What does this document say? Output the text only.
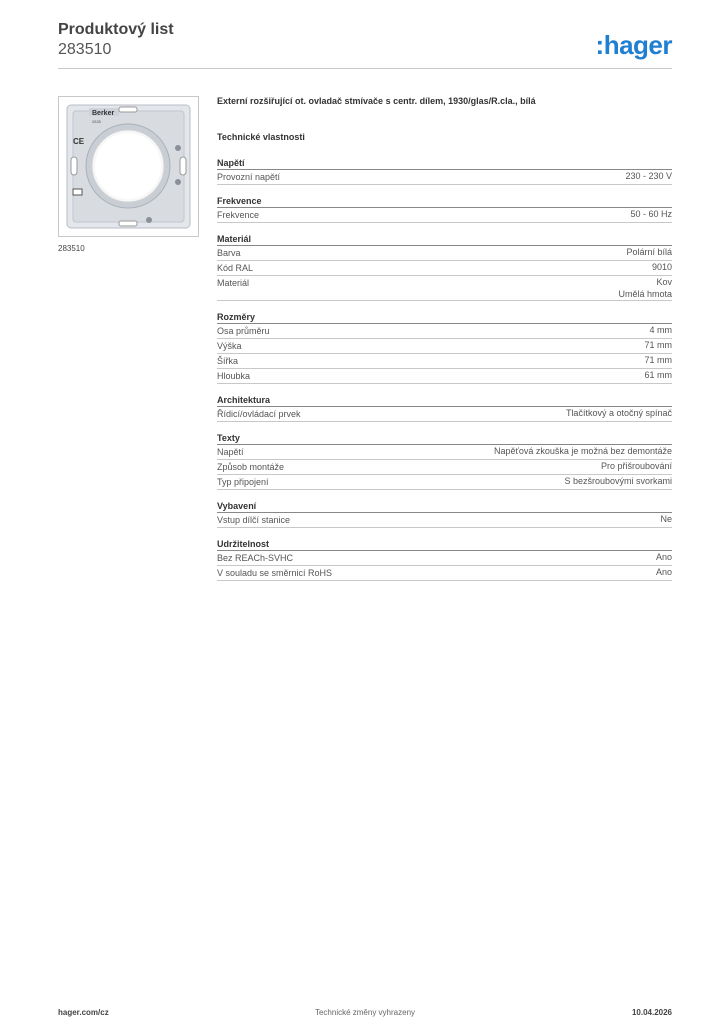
Produktový list
283510	:hager
Berker
2835
CE
283510
Externí rozšiřující ot. ovladač stmívače s centr. dílem, 1930/glas/R.cla., bílá
Technické vlastnosti
Napětí
Provozní napětí	230 - 230 V
Frekvence
Frekvence	50 - 60 Hz
Materiál
Barva	Polární bílá
Kód RAL	9010
Materiál	Kov
Umělá hmota
Rozměry
Osa průměru	4 mm
Výška	71 mm
Šířka	71 mm
Hloubka	61 mm
Architektura
Řídicí/ovládací prvek	Tlačítkový a otočný spínač
Texty
Napětí	Napěťová zkouška je možná bez demontáže
Způsob montáže	Pro přišroubování
Typ připojení	S bezšroubovými svorkami
Vybavení
Vstup dílčí stanice	Ne
Udržitelnost
Bez REACh-SVHC	Ano
V souladu se směrnicí RoHS	Ano
hager.com/cz	Technické změny vyhrazeny	10.04.2026
